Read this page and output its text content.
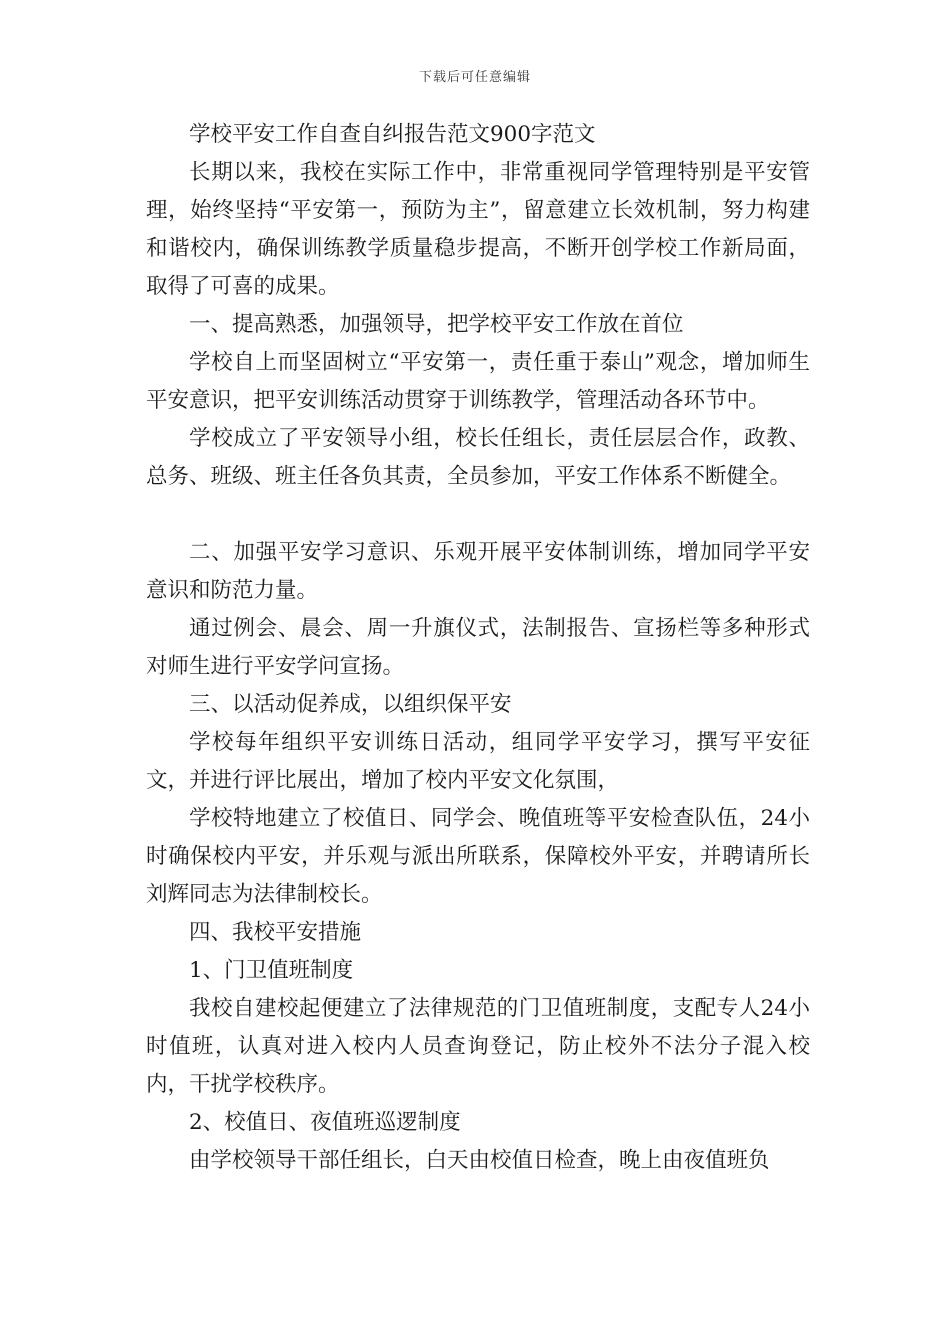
下载后可任意编辑

学校平安工作自查自纠报告范文900字范文

长期以来，我校在实际工作中，非常重视同学管理特别是平安管理，始终坚持“平安第一，预防为主”，留意建立长效机制，努力构建和谐校内，确保训练教学质量稳步提高，不断开创学校工作新局面，取得了可喜的成果。

一、提高熟悉，加强领导，把学校平安工作放在首位

学校自上而坚固树立“平安第一，责任重于泰山”观念，增加师生平安意识，把平安训练活动贯穿于训练教学，管理活动各环节中。

学校成立了平安领导小组，校长任组长，责任层层合作，政教、总务、班级、班主任各负其责，全员参加，平安工作体系不断健全。

二、加强平安学习意识、乐观开展平安体制训练，增加同学平安意识和防范力量。

通过例会、晨会、周一升旗仪式，法制报告、宣扬栏等多种形式对师生进行平安学问宣扬。

三、以活动促养成，以组织保平安

学校每年组织平安训练日活动，组同学平安学习，撰写平安征文，并进行评比展出，增加了校内平安文化氛围，

学校特地建立了校值日、同学会、晚值班等平安检查队伍，24小时确保校内平安，并乐观与派出所联系，保障校外平安，并聘请所长刘辉同志为法律制校长。

四、我校平安措施

1、门卫值班制度

我校自建校起便建立了法律规范的门卫值班制度，支配专人24小时值班，认真对进入校内人员查询登记，防止校外不法分子混入校内，干扰学校秩序。

2、校值日、夜值班巡逻制度

由学校领导干部任组长，白天由校值日检查，晚上由夜值班负
